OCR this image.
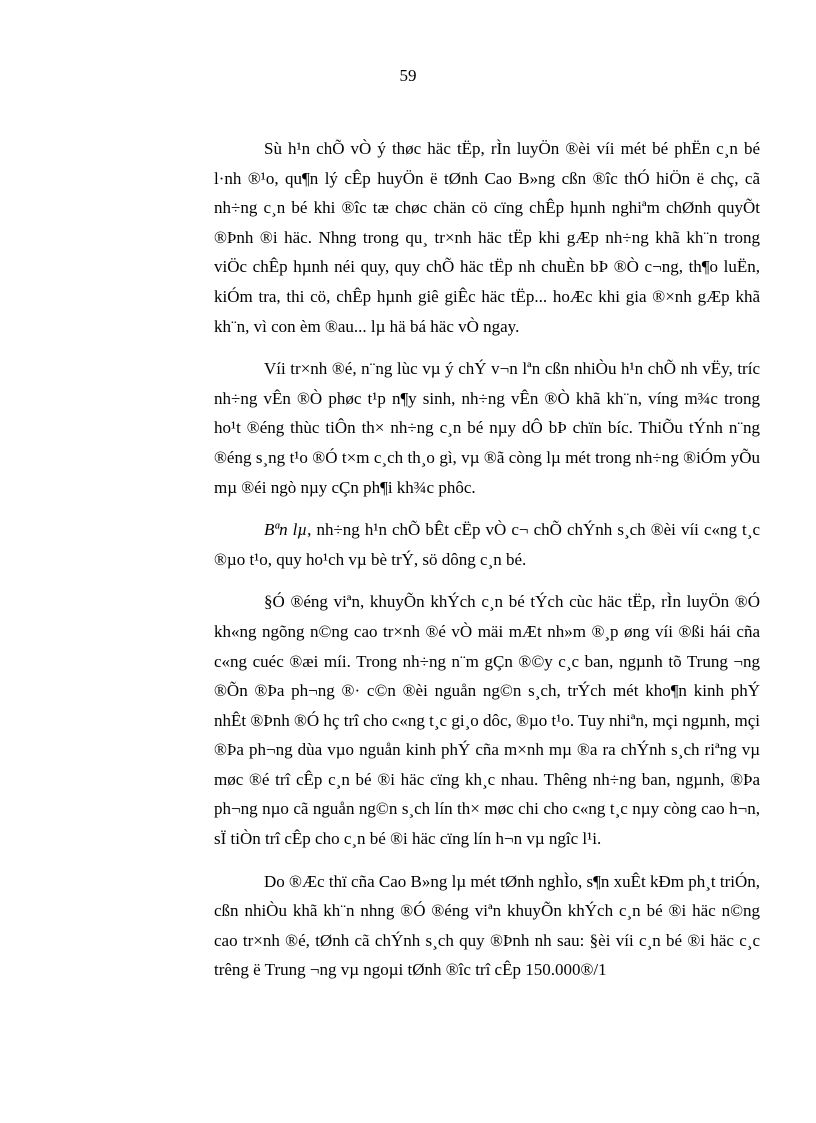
59

Sù h¹n chÕ vÒ ý thøc häc tËp, rÌn luyÖn ®èi víi mét bé phËn c¸n bé l·nh ®¹o, qu¶n lý cÊp huyÖn ë tØnh Cao B»ng cßn ®îc thÓ hiÖn ë chç, cã nh÷ng c¸n bé khi ®îc tæ chøc chän cö cïng chÊp hµnh nghiªm chØnh quyÕt ®Þnh ®i häc. Nhng trong qu¸ tr×nh häc tËp khi gÆp nh÷ng khã kh¨n trong viÖc chÊp hµnh néi quy, quy chÕ häc tËp nh chuÈn bÞ ®Ò c¬ng, th¶o luËn, kiÓm tra, thi cö, chÊp hµnh giê giÊc häc tËp... hoÆc khi gia ®×nh gÆp khã kh¨n, vì con èm ®au... lµ hä bá häc vÒ ngay.

Víi tr×nh ®é, n¨ng lùc vµ ý chÝ v¬n lªn cßn nhiÒu h¹n chÕ nh vËy, tríc nh÷ng vÊn ®Ò phøc t¹p n¶y sinh, nh÷ng vÊn ®Ò khã kh¨n, víng m¾c trong ho¹t ®éng thùc tiÔn th× nh÷ng c¸n bé nµy dÔ bÞ chïn bíc. ThiÕu tÝnh n¨ng ®éng s¸ng t¹o ®Ó t×m c¸ch th¸o gì, vµ ®ã còng lµ mét trong nh÷ng ®iÓm yÕu mµ ®éi ngò nµy cÇn ph¶i kh¾c phôc.

Bªn lµ, nh÷ng h¹n chÕ bÊt cËp vÒ c¬ chÕ chÝnh s¸ch ®èi víi c«ng t¸c ®µo t¹o, quy ho¹ch vµ bè trÝ, sö dông c¸n bé.

§Ó ®éng viªn, khuyÕn khÝch c¸n bé tÝch cùc häc tËp, rÌn luyÖn ®Ó kh«ng ngõng n©ng cao tr×nh ®é vÒ mäi mÆt nh»m ®¸p øng víi ®ßi hái cña c«ng cuéc ®æi míi. Trong nh÷ng n¨m gÇn ®©y c¸c ban, ngµnh tõ Trung ¬ng ®Õn ®Þa ph¬ng ®· c©n ®èi nguån ng©n s¸ch, trÝch mét kho¶n kinh phÝ nhÊt ®Þnh ®Ó hç trî cho c«ng t¸c gi¸o dôc, ®µo t¹o. Tuy nhiªn, mçi ngµnh, mçi ®Þa ph¬ng dùa vµo nguån kinh phÝ cña m×nh mµ ®a ra chÝnh s¸ch riªng vµ møc ®é trî cÊp c¸n bé ®i häc cïng kh¸c nhau. Thêng nh÷ng ban, ngµnh, ®Þa ph¬ng nµo cã nguån ng©n s¸ch lín th× møc chi cho c«ng t¸c nµy còng cao h¬n, sÏ tiÒn trî cÊp cho c¸n bé ®i häc cïng lín h¬n vµ ngîc l¹i.

Do ®Æc thï cña Cao B»ng lµ mét tØnh nghÌo, s¶n xuÊt kÐm ph¸t triÓn, cßn nhiÒu khã kh¨n nhng ®Ó ®éng viªn khuyÕn khÝch c¸n bé ®i häc n©ng cao tr×nh ®é, tØnh cã chÝnh s¸ch quy ®Þnh nh sau: §èi víi c¸n bé ®i häc c¸c trêng ë Trung ¬ng vµ ngoµi tØnh ®îc trî cÊp 150.000®/1
